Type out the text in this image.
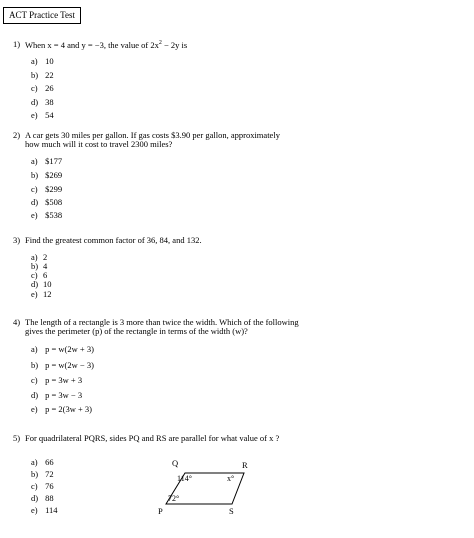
ACT Practice Test
1) When x = 4 and y = −3, the value of $2x^2 - 2y$ is
a) 10
b) 22
c) 26
d) 38
e) 54
2) A car gets 30 miles per gallon. If gas costs $3.90 per gallon, approximately
how much will it cost to travel 2300 miles?
a) $177
b) $269
c) $299
d) $508
e) $538
3) Find the greatest common factor of 36, 84, and 132.
a) 2
b) 4
c) 6
d) 10
e) 12
4) The length of a rectangle is 3 more than twice the width. Which of the following
gives the perimeter (p) of the rectangle in terms of the width (w)?
a) p = w(2w + 3)
b) p = w(2w − 3)
c) p = 3w + 3
d) p = 3w − 3
e) p = 2(3w + 3)
5) For quadrilateral PQRS, sides PQ and RS are parallel for what value of x ?
a) 66
b) 72
c) 76
d) 88
e) 114
Q	R
P	S
114°	x°
72°
